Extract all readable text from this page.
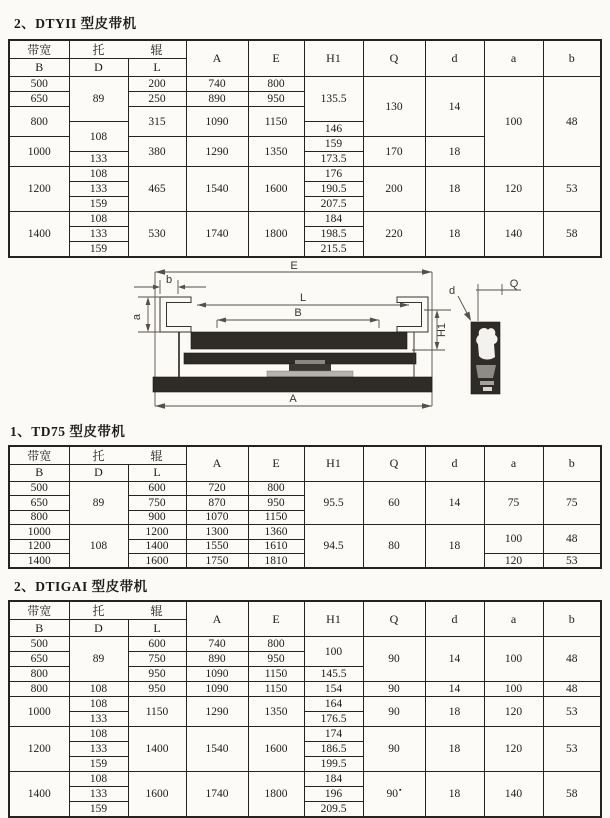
2、DTYII 型皮带机
带宽	托 辊		A	E	H1	Q	d	a	b
B	D	L							
500	89	200	740	800	135.5	130	14	100	48
650		250	890	950					
800		315	1090	1150					
	108				146				
1000		380	1290	1350	159	170	18		
	133				173.5				
1200	108	465	1540	1600	176	200	18	120	53
	133				190.5				
	159				207.5				
1400	108	530	1740	1800	184	220	18	140	58
	133				198.5				
	159				215.5				
E
b
a
L
B
H1
A
Q
d
1、TD75 型皮带机
带宽	托 辊		A	E	H1	Q	d	a	b
B	D	L							
500	89	600	720	800	95.5	60	14	75	75
650		750	870	950					
800		900	1070	1150					
1000	108	1200	1300	1360	94.5	80	18	100	48
1200		1400	1550	1610					
1400		1600	1750	1810				120	53
2、DTIGAI 型皮带机
带宽	托 辊		A	E	H1	Q	d	a	b
B	D	L							
500	89	600	740	800	100	90	14	100	48
650		750	890	950					
800		950	1090	1150	145.5				
800	108	950	1090	1150	154	90	14	100	48
1000	108	1150	1290	1350	164	90	18	120	53
	133				176.5				
1200	108	1400	1540	1600	174	90	18	120	53
	133				186.5				
	159				199.5				
1400	108	1600	1740	1800	184	90▪	18	140	58
	133				196				
	159				209.5				
